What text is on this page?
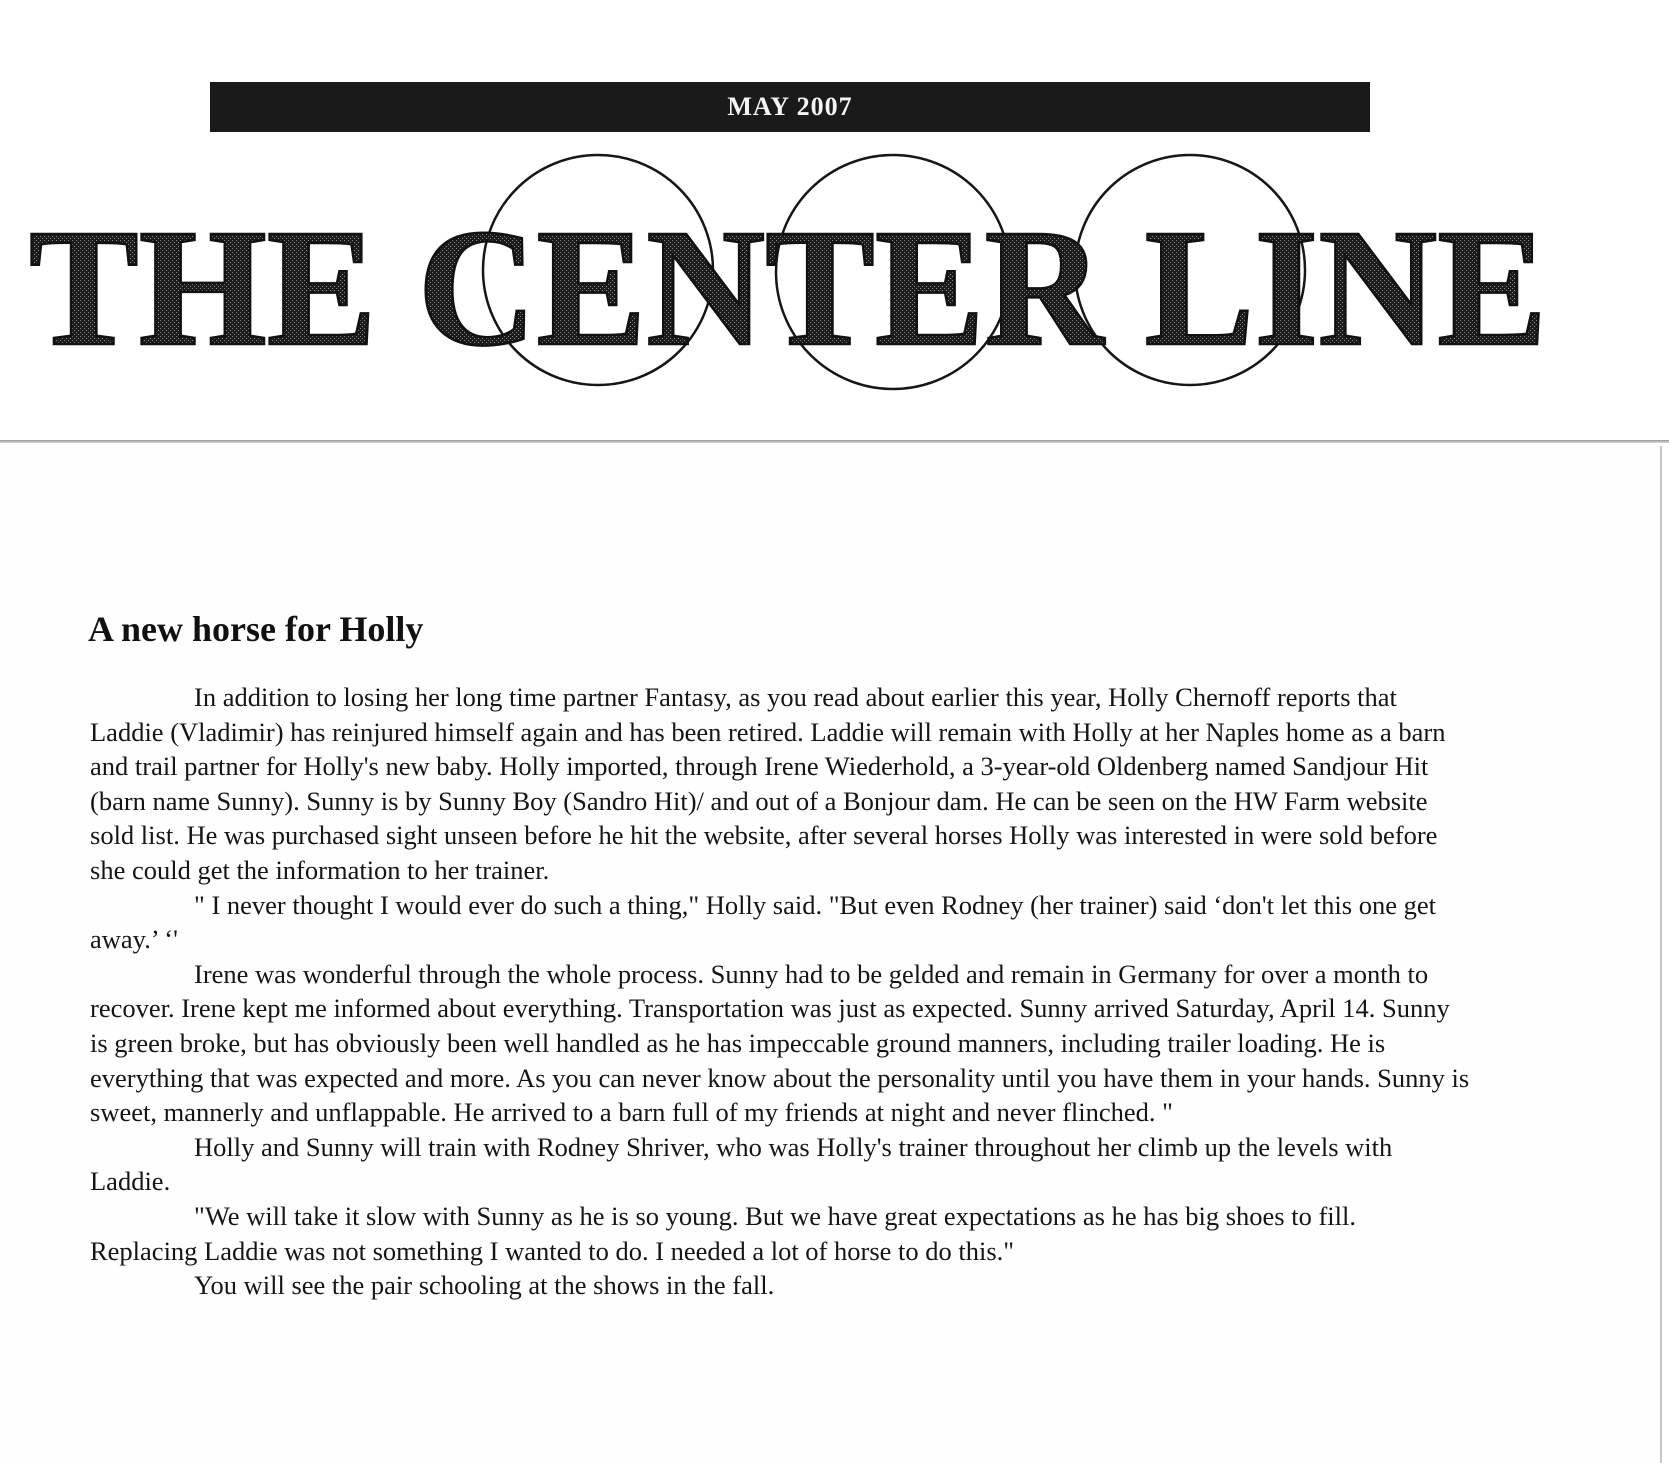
MAY 2007
THE CENTER LINE
A new horse for Holly

In addition to losing her long time partner Fantasy, as you read about earlier this year, Holly Chernoff reports that Laddie (Vladimir) has reinjured himself again and has been retired. Laddie will remain with Holly at her Naples home as a barn and trail partner for Holly's new baby. Holly imported, through Irene Wiederhold, a 3-year-old Oldenberg named Sandjour Hit (barn name Sunny). Sunny is by Sunny Boy (Sandro Hit)/ and out of a Bonjour dam. He can be seen on the HW Farm website sold list. He was purchased sight unseen before he hit the website, after several horses Holly was interested in were sold before she could get the information to her trainer.

" I never thought I would ever do such a thing," Holly said. "But even Rodney (her trainer) said ‘don't let this one get away.’ ‘'

Irene was wonderful through the whole process. Sunny had to be gelded and remain in Germany for over a month to recover. Irene kept me informed about everything. Transportation was just as expected. Sunny arrived Saturday, April 14. Sunny is green broke, but has obviously been well handled as he has impeccable ground manners, including trailer loading. He is everything that was expected and more. As you can never know about the personality until you have them in your hands. Sunny is sweet, mannerly and unflappable. He arrived to a barn full of my friends at night and never flinched. "

Holly and Sunny will train with Rodney Shriver, who was Holly's trainer throughout her climb up the levels with Laddie.

"We will take it slow with Sunny as he is so young. But we have great expectations as he has big shoes to fill. Replacing Laddie was not something I wanted to do. I needed a lot of horse to do this."

You will see the pair schooling at the shows in the fall.
